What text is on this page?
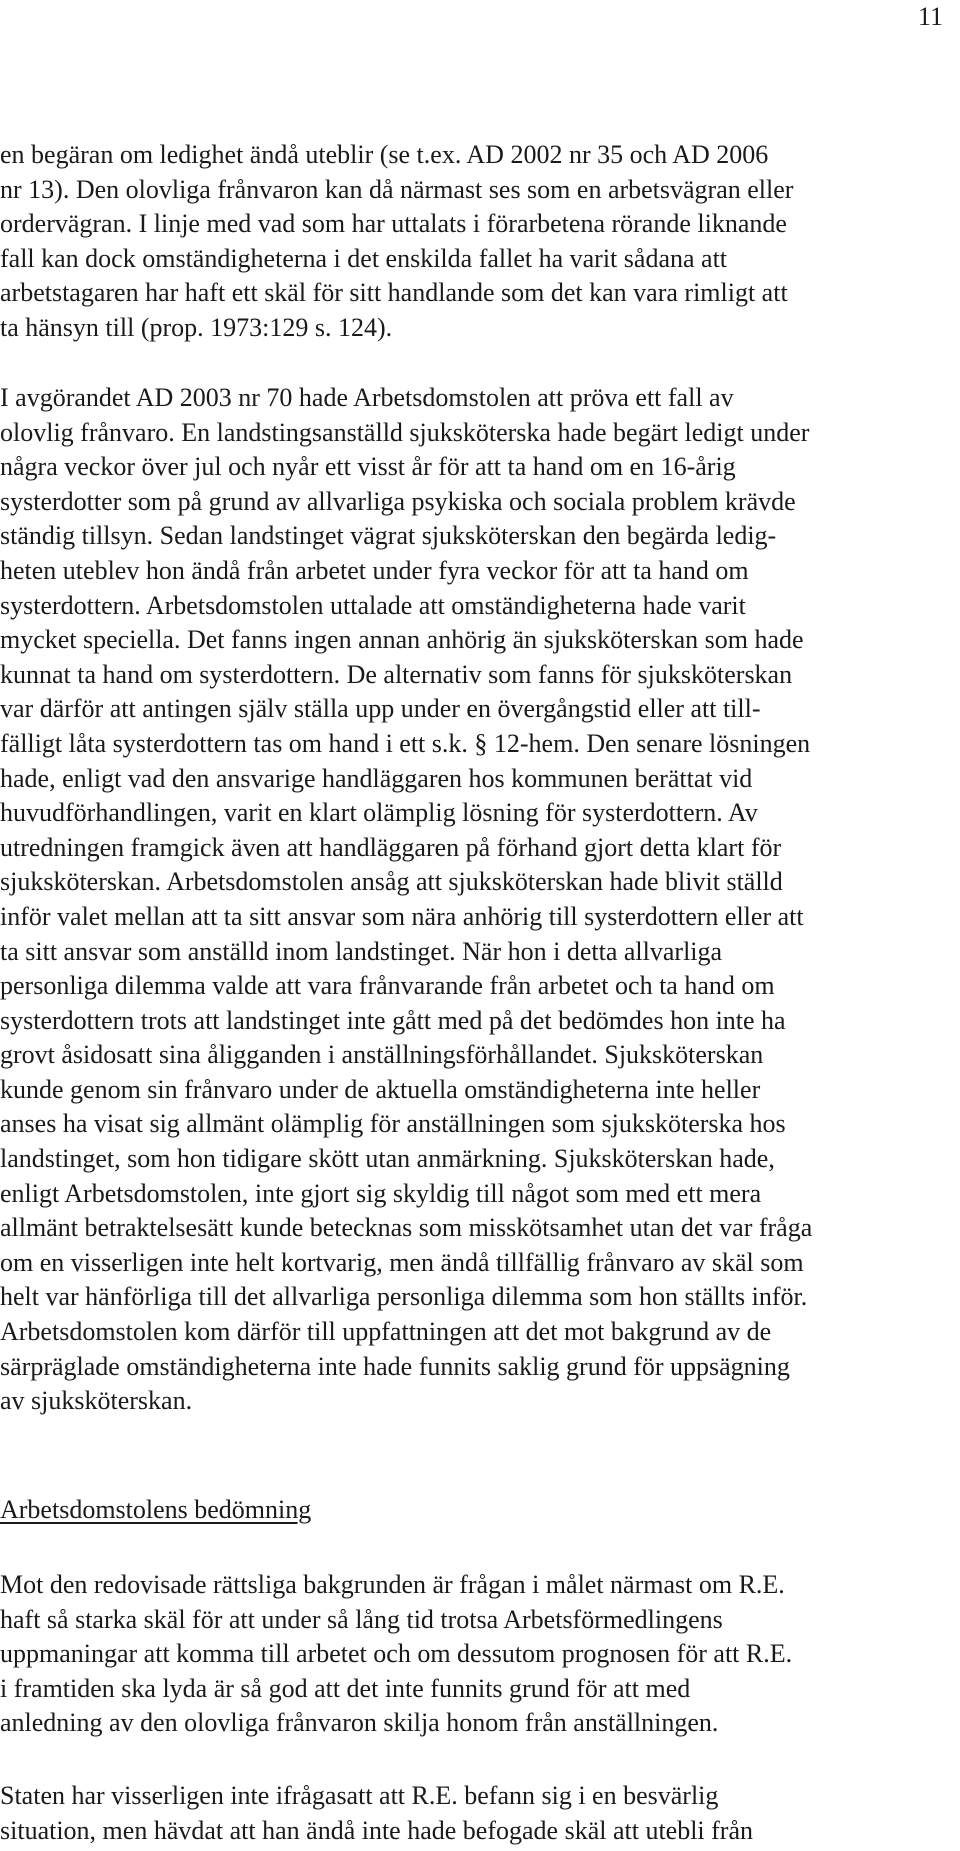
11
en begäran om ledighet ändå uteblir (se t.ex. AD 2002 nr 35 och AD 2006
nr 13). Den olovliga frånvaron kan då närmast ses som en arbetsvägran eller
ordervägran. I linje med vad som har uttalats i förarbetena rörande liknande
fall kan dock omständigheterna i det enskilda fallet ha varit sådana att
arbetstagaren har haft ett skäl för sitt handlande som det kan vara rimligt att
ta hänsyn till (prop. 1973:129 s. 124).
I avgörandet AD 2003 nr 70 hade Arbetsdomstolen att pröva ett fall av
olovlig frånvaro. En landstingsanställd sjuksköterska hade begärt ledigt under
några veckor över jul och nyår ett visst år för att ta hand om en 16-årig
systerdotter som på grund av allvarliga psykiska och sociala problem krävde
ständig tillsyn. Sedan landstinget vägrat sjuksköterskan den begärda ledig-
heten uteblev hon ändå från arbetet under fyra veckor för att ta hand om
systerdottern. Arbetsdomstolen uttalade att omständigheterna hade varit
mycket speciella. Det fanns ingen annan anhörig än sjuksköterskan som hade
kunnat ta hand om systerdottern. De alternativ som fanns för sjuksköterskan
var därför att antingen själv ställa upp under en övergångstid eller att till-
fälligt låta systerdottern tas om hand i ett s.k. § 12-hem. Den senare lösningen
hade, enligt vad den ansvarige handläggaren hos kommunen berättat vid
huvudförhandlingen, varit en klart olämplig lösning för systerdottern. Av
utredningen framgick även att handläggaren på förhand gjort detta klart för
sjuksköterskan. Arbetsdomstolen ansåg att sjuksköterskan hade blivit ställd
inför valet mellan att ta sitt ansvar som nära anhörig till systerdottern eller att
ta sitt ansvar som anställd inom landstinget. När hon i detta allvarliga
personliga dilemma valde att vara frånvarande från arbetet och ta hand om
systerdottern trots att landstinget inte gått med på det bedömdes hon inte ha
grovt åsidosatt sina åligganden i anställningsförhållandet. Sjuksköterskan
kunde genom sin frånvaro under de aktuella omständigheterna inte heller
anses ha visat sig allmänt olämplig för anställningen som sjuksköterska hos
landstinget, som hon tidigare skött utan anmärkning. Sjuksköterskan hade,
enligt Arbetsdomstolen, inte gjort sig skyldig till något som med ett mera
allmänt betraktelsesätt kunde betecknas som misskötsamhet utan det var fråga
om en visserligen inte helt kortvarig, men ändå tillfällig frånvaro av skäl som
helt var hänförliga till det allvarliga personliga dilemma som hon ställts inför.
Arbetsdomstolen kom därför till uppfattningen att det mot bakgrund av de
särpräglade omständigheterna inte hade funnits saklig grund för uppsägning
av sjuksköterskan.
Arbetsdomstolens bedömning
Mot den redovisade rättsliga bakgrunden är frågan i målet närmast om R.E.
haft så starka skäl för att under så lång tid trotsa Arbetsförmedlingens
uppmaningar att komma till arbetet och om dessutom prognosen för att R.E.
i framtiden ska lyda är så god att det inte funnits grund för att med
anledning av den olovliga frånvaron skilja honom från anställningen.
Staten har visserligen inte ifrågasatt att R.E. befann sig i en besvärlig
situation, men hävdat att han ändå inte hade befogade skäl att utebli från
